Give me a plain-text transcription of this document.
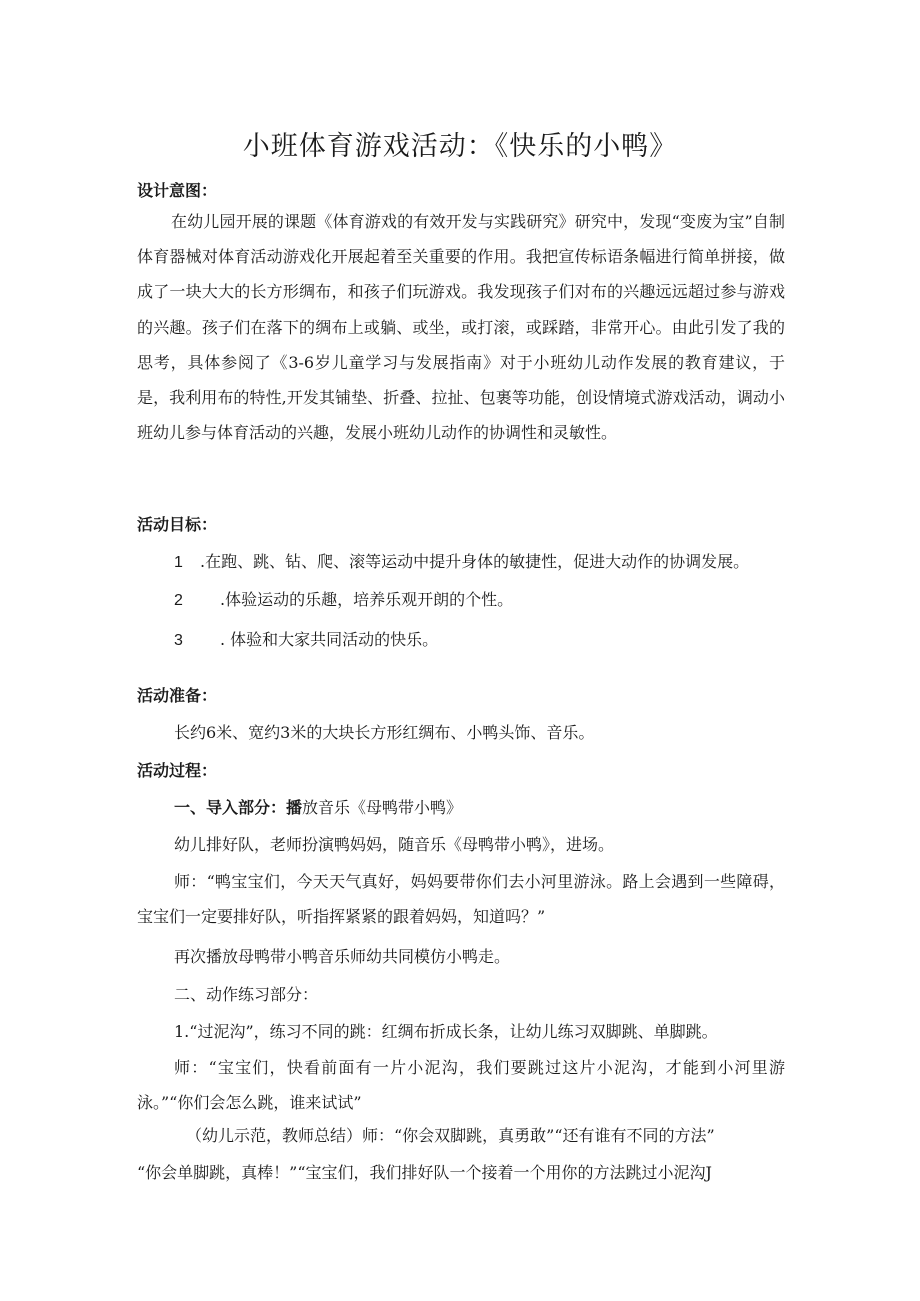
小班体育游戏活动：《快乐的小鸭》
设计意图：
在幼儿园开展的课题《体育游戏的有效开发与实践研究》研究中，发现“变废为宝”自制体育器械对体育活动游戏化开展起着至关重要的作用。我把宣传标语条幅进行简单拼接，做成了一块大大的长方形绸布，和孩子们玩游戏。我发现孩子们对布的兴趣远远超过参与游戏的兴趣。孩子们在落下的绸布上或躺、或坐，或打滚，或踩踏，非常开心。由此引发了我的思考，具体参阅了《3-6岁儿童学习与发展指南》对于小班幼儿动作发展的教育建议，于是，我利用布的特性,开发其铺垫、折叠、拉扯、包裹等功能，创设情境式游戏活动，调动小班幼儿参与体育活动的兴趣，发展小班幼儿动作的协调性和灵敏性。
活动目标：
1 .在跑、跳、钻、爬、滚等运动中提升身体的敏捷性，促进大动作的协调发展。
2 .体验运动的乐趣，培养乐观开朗的个性。
3 . 体验和大家共同活动的快乐。
活动准备：
长约6米、宽约3米的大块长方形红绸布、小鸭头饰、音乐。
活动过程：
一、导入部分：播放音乐《母鸭带小鸭》
幼儿排好队，老师扮演鸭妈妈，随音乐《母鸭带小鸭》，进场。
师：“鸭宝宝们，今天天气真好，妈妈要带你们去小河里游泳。路上会遇到一些障碍，宝宝们一定要排好队，听指挥紧紧的跟着妈妈，知道吗？”
再次播放母鸭带小鸭音乐师幼共同模仿小鸭走。
二、动作练习部分：
1.“过泥沟”，练习不同的跳：红绸布折成长条，让幼儿练习双脚跳、单脚跳。
师：“宝宝们，快看前面有一片小泥沟，我们要跳过这片小泥沟，才能到小河里游泳。”“你们会怎么跳，谁来试试”
（幼儿示范，教师总结）师：“你会双脚跳，真勇敢”“还有谁有不同的方法”
“你会单脚跳，真棒！”“宝宝们，我们排好队一个接着一个用你的方法跳过小泥沟J
